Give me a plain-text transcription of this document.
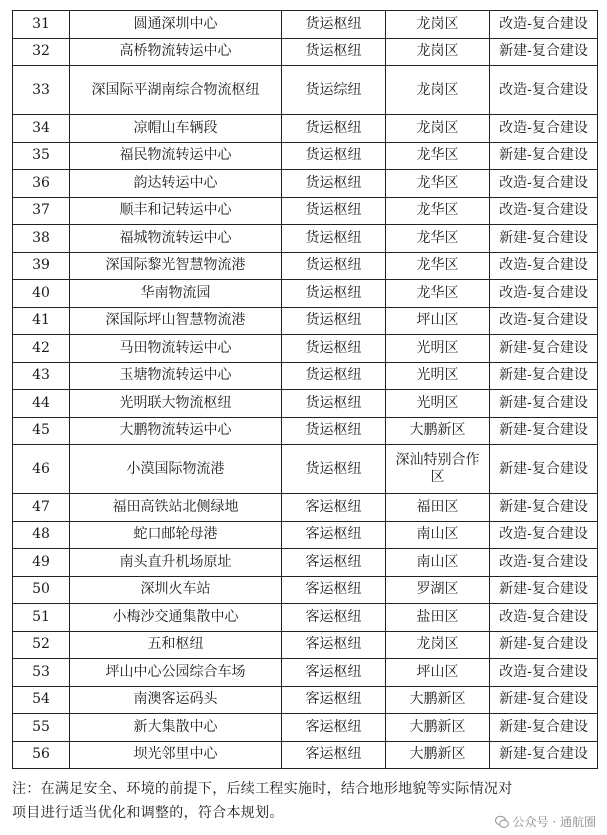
31	圆通深圳中心	货运枢纽	龙岗区	改造-复合建设
32	高桥物流转运中心	货运枢纽	龙岗区	新建-复合建设
33	深国际平湖南综合物流枢纽	货运综纽	龙岗区	改造-复合建设
34	凉帽山车辆段	货运枢纽	龙岗区	改造-复合建设
35	福民物流转运中心	货运枢纽	龙华区	新建-复合建设
36	韵达转运中心	货运枢纽	龙华区	改造-复合建设
37	顺丰和记转运中心	货运枢纽	龙华区	改造-复合建设
38	福城物流转运中心	货运枢纽	龙华区	新建-复合建设
39	深国际黎光智慧物流港	货运枢纽	龙华区	改造-复合建设
40	华南物流园	货运枢纽	龙华区	改造-复合建设
41	深国际坪山智慧物流港	货运枢纽	坪山区	改造-复合建设
42	马田物流转运中心	货运枢纽	光明区	新建-复合建设
43	玉塘物流转运中心	货运枢纽	光明区	新建-复合建设
44	光明联大物流枢纽	货运枢纽	光明区	新建-复合建设
45	大鹏物流转运中心	货运枢纽	大鹏新区	新建-复合建设
46	小漠国际物流港	货运枢纽	深汕特别合作区	新建-复合建设
47	福田高铁站北侧绿地	客运枢纽	福田区	新建-复合建设
48	蛇口邮轮母港	客运枢纽	南山区	改造-复合建设
49	南头直升机场原址	客运枢纽	南山区	改造-复合建设
50	深圳火车站	客运枢纽	罗湖区	新建-复合建设
51	小梅沙交通集散中心	客运枢纽	盐田区	改造-复合建设
52	五和枢纽	客运枢纽	龙岗区	新建-复合建设
53	坪山中心公园综合车场	客运枢纽	坪山区	改造-复合建设
54	南澳客运码头	客运枢纽	大鹏新区	新建-复合建设
55	新大集散中心	客运枢纽	大鹏新区	新建-复合建设
56	坝光邻里中心	客运枢纽	大鹏新区	新建-复合建设
注：在满足安全、环境的前提下，后续工程实施时，结合地形地貌等实际情况对
项目进行适当优化和调整的，符合本规划。
公众号 · 通航圈
